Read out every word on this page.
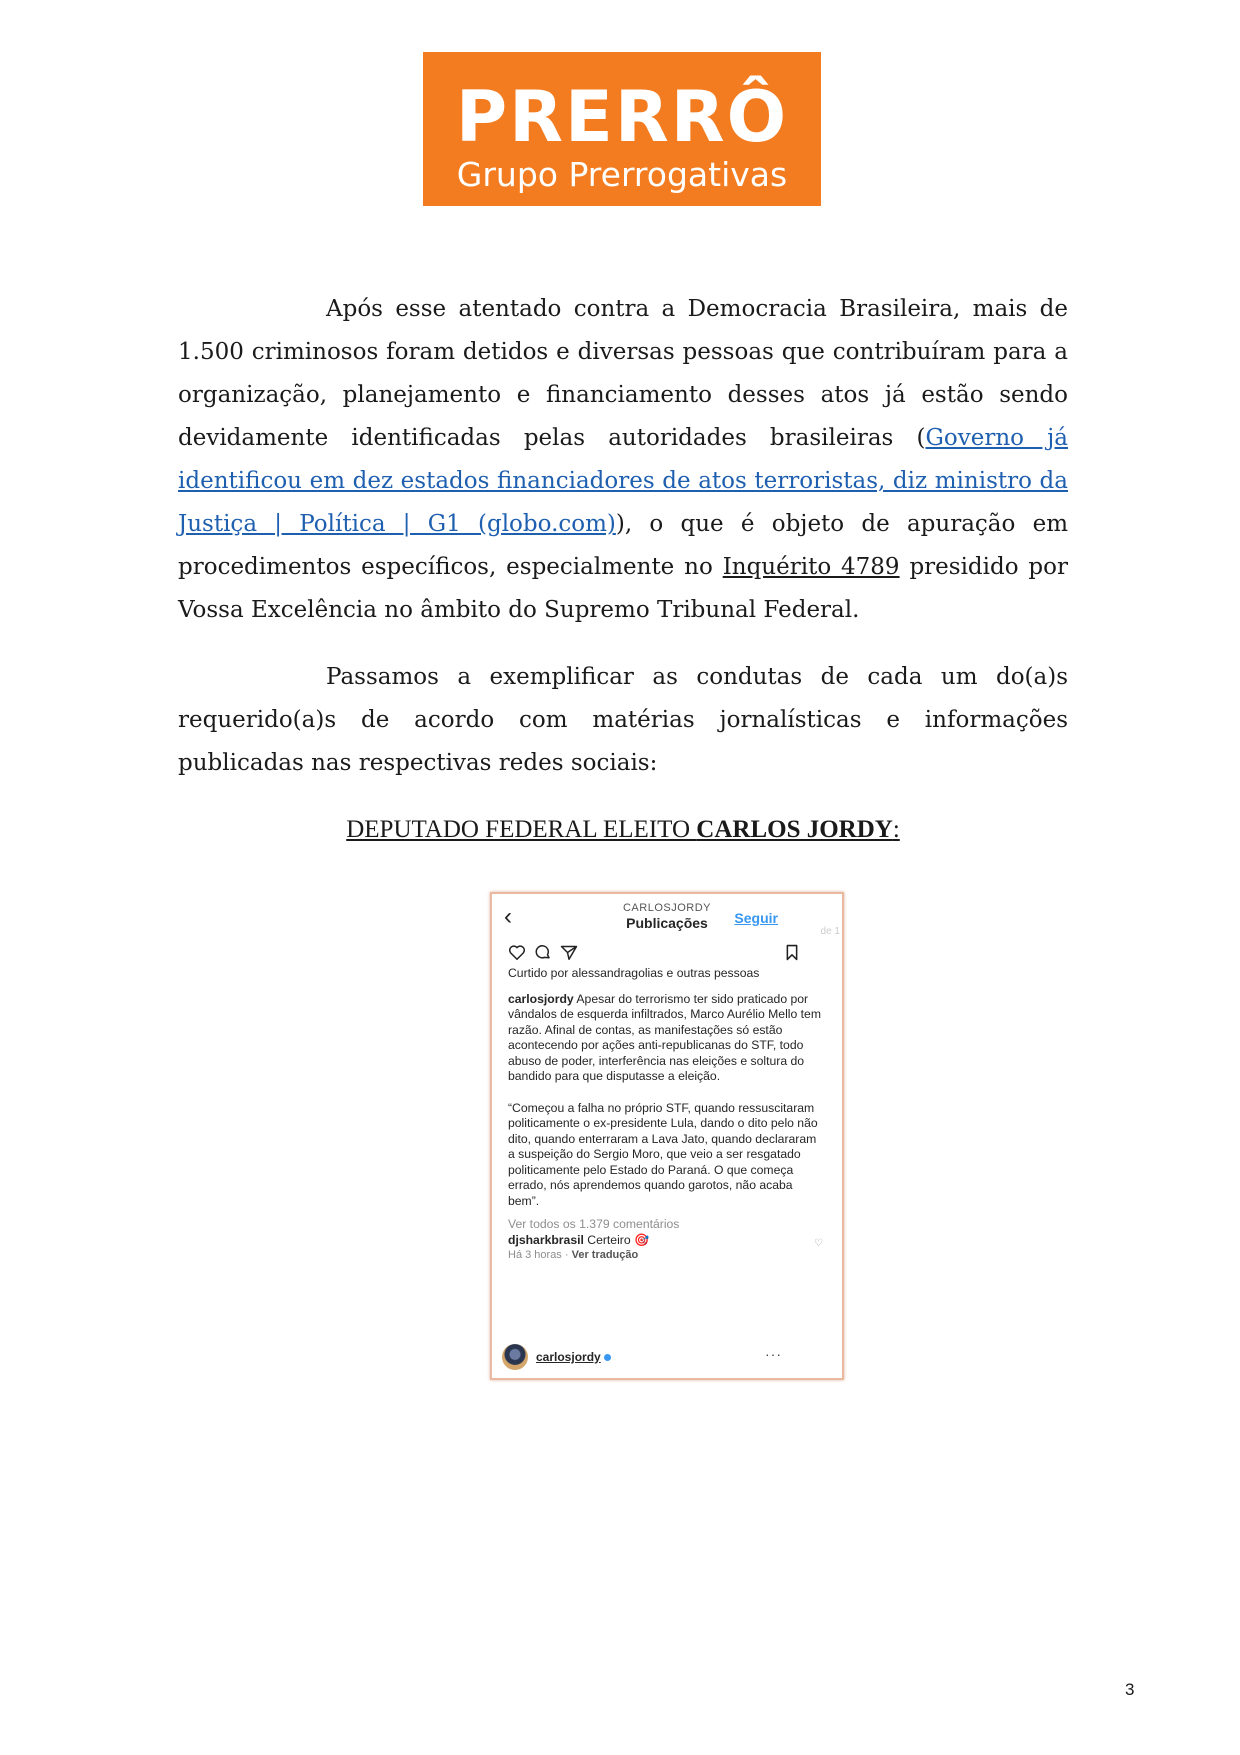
PRERRÔ
Grupo Prerrogativas

Após esse atentado contra a Democracia Brasileira, mais de 1.500 criminosos foram detidos e diversas pessoas que contribuíram para a organização, planejamento e financiamento desses atos já estão sendo devidamente identificadas pelas autoridades brasileiras (Governo já identificou em dez estados financiadores de atos terroristas, diz ministro da Justiça | Política | G1 (globo.com)), o que é objeto de apuração em procedimentos específicos, especialmente no Inquérito 4789 presidido por Vossa Excelência no âmbito do Supremo Tribunal Federal.

Passamos a exemplificar as condutas de cada um do(a)s requerido(a)s de acordo com matérias jornalísticas e informações publicadas nas respectivas redes sociais:

DEPUTADO FEDERAL ELEITO CARLOS JORDY:
‹	CARLOSJORDY
Publicações	Seguir
de 1

Curtido por alessandragolias e outras pessoas

carlosjordy Apesar do terrorismo ter sido praticado por vândalos de esquerda infiltrados, Marco Aurélio Mello tem razão. Afinal de contas, as manifestações só estão acontecendo por ações anti-republicanas do STF, todo abuso de poder, interferência nas eleições e soltura do bandido para que disputasse a eleição.

“Começou a falha no próprio STF, quando ressuscitaram politicamente o ex-presidente Lula, dando o dito pelo não dito, quando enterraram a Lava Jato, quando declararam a suspeição do Sergio Moro, que veio a ser resgatado politicamente pelo Estado do Paraná. O que começa errado, nós aprendemos quando garotos, não acaba bem”.

Ver todos os 1.379 comentários

djsharkbrasil Certeiro 🎯	♡

Há 3 horas · Ver tradução

carlosjordy	···
3
